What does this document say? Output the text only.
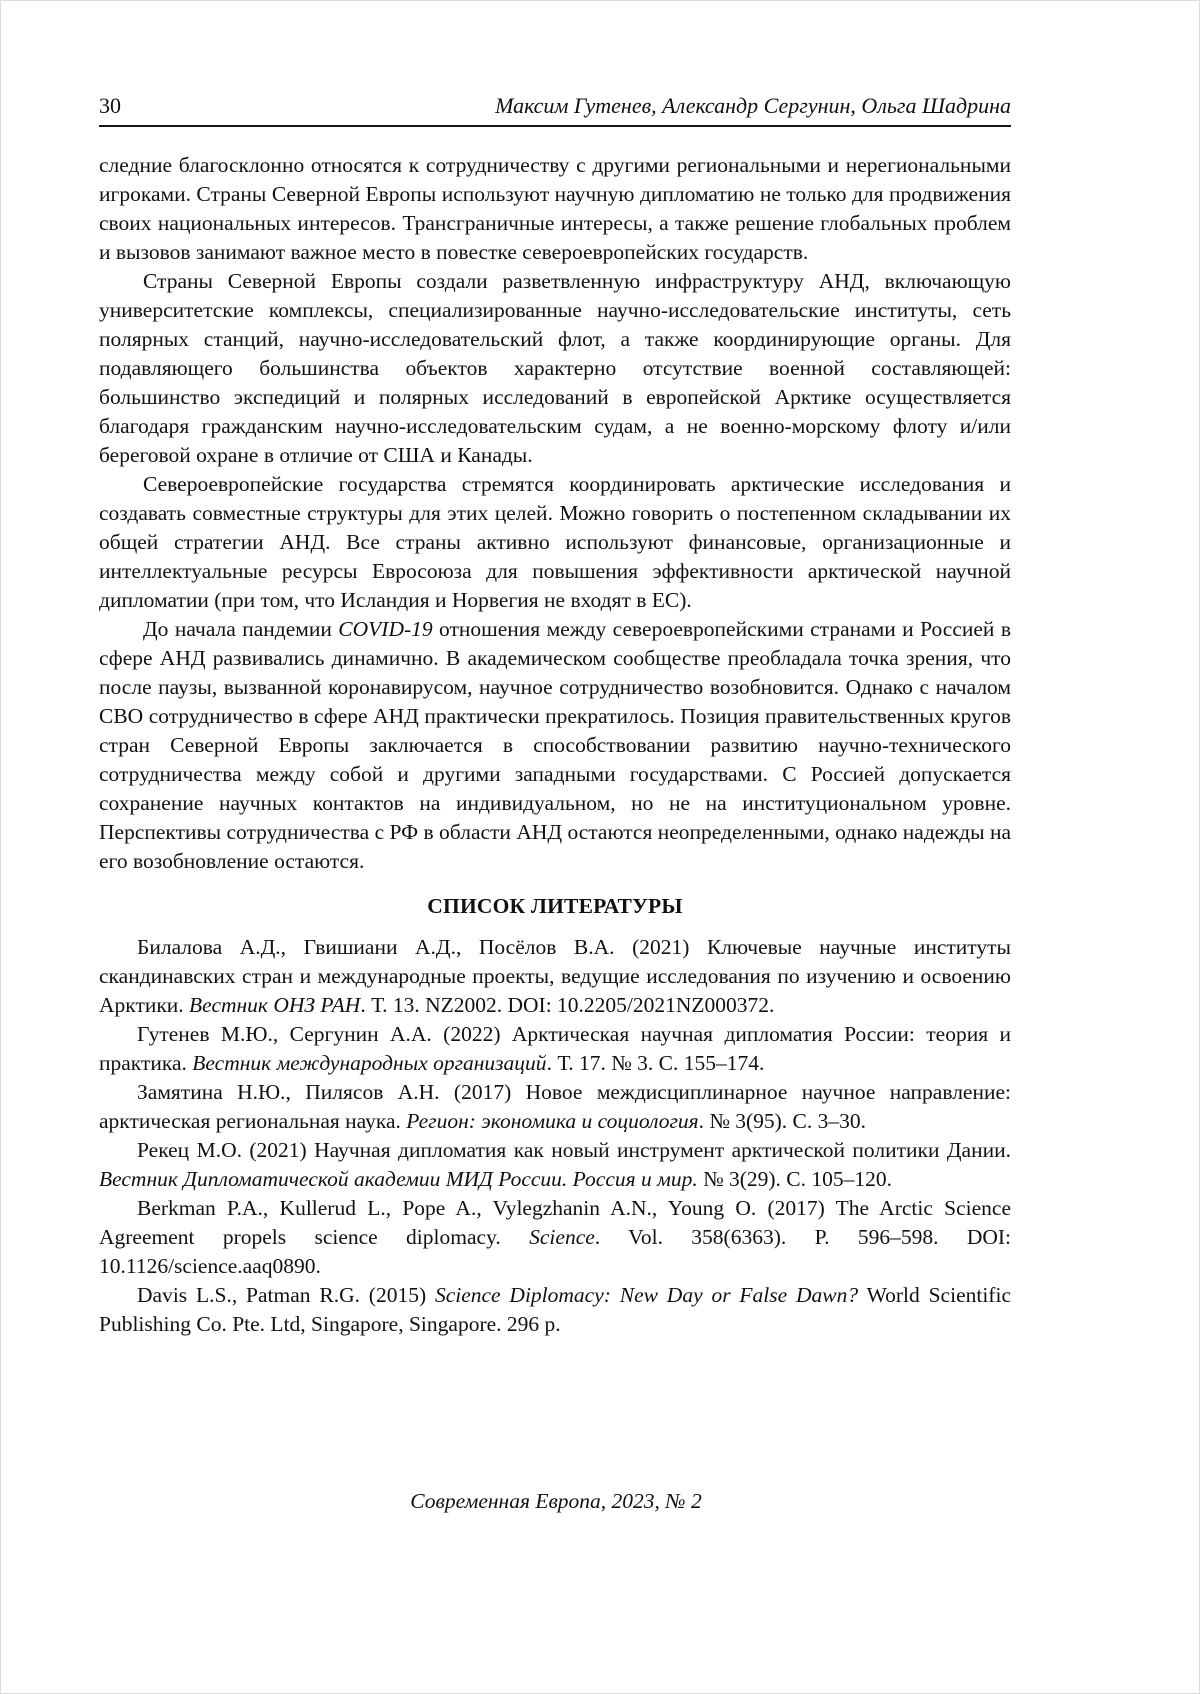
30	Максим Гутенев, Александр Сергунин, Ольга Шадрина

следние благосклонно относятся к сотрудничеству с другими региональными и нерегиональными игроками. Страны Северной Европы используют научную дипломатию не только для продвижения своих национальных интересов. Трансграничные интересы, а также решение глобальных проблем и вызовов занимают важное место в повестке североевропейских государств.

Страны Северной Европы создали разветвленную инфраструктуру АНД, включающую университетские комплексы, специализированные научно-исследовательские институты, сеть полярных станций, научно-исследовательский флот, а также координирующие органы. Для подавляющего большинства объектов характерно отсутствие военной составляющей: большинство экспедиций и полярных исследований в европейской Арктике осуществляется благодаря гражданским научно-исследовательским судам, а не военно-морскому флоту и/или береговой охране в отличие от США и Канады.

Североевропейские государства стремятся координировать арктические исследования и создавать совместные структуры для этих целей. Можно говорить о постепенном складывании их общей стратегии АНД. Все страны активно используют финансовые, организационные и интеллектуальные ресурсы Евросоюза для повышения эффективности арктической научной дипломатии (при том, что Исландия и Норвегия не входят в ЕС).

До начала пандемии COVID-19 отношения между североевропейскими странами и Россией в сфере АНД развивались динамично. В академическом сообществе преобладала точка зрения, что после паузы, вызванной коронавирусом, научное сотрудничество возобновится. Однако с началом СВО сотрудничество в сфере АНД практически прекратилось. Позиция правительственных кругов стран Северной Европы заключается в способствовании развитию научно-технического сотрудничества между собой и другими западными государствами. С Россией допускается сохранение научных контактов на индивидуальном, но не на институциональном уровне. Перспективы сотрудничества с РФ в области АНД остаются неопределенными, однако надежды на его возобновление остаются.

СПИСОК ЛИТЕРАТУРЫ

Билалова А.Д., Гвишиани А.Д., Посёлов В.А. (2021) Ключевые научные институты скандинавских стран и международные проекты, ведущие исследования по изучению и освоению Арктики. Вестник ОНЗ РАН. Т. 13. NZ2002. DOI: 10.2205/2021NZ000372.

Гутенев М.Ю., Сергунин А.А. (2022) Арктическая научная дипломатия России: теория и практика. Вестник международных организаций. Т. 17. № 3. С. 155–174.

Замятина Н.Ю., Пилясов А.Н. (2017) Новое междисциплинарное научное направление: арктическая региональная наука. Регион: экономика и социология. № 3(95). С. 3–30.

Рекец М.О. (2021) Научная дипломатия как новый инструмент арктической политики Дании. Вестник Дипломатической академии МИД России. Россия и мир. № 3(29). С. 105–120.

Berkman P.A., Kullerud L., Pope A., Vylegzhanin A.N., Young O. (2017) The Arctic Science Agreement propels science diplomacy. Science. Vol. 358(6363). P. 596–598. DOI: 10.1126/science.aaq0890.

Davis L.S., Patman R.G. (2015) Science Diplomacy: New Day or False Dawn? World Scientific Publishing Co. Pte. Ltd, Singapore, Singapore. 296 p.

Современная Европа, 2023, № 2
